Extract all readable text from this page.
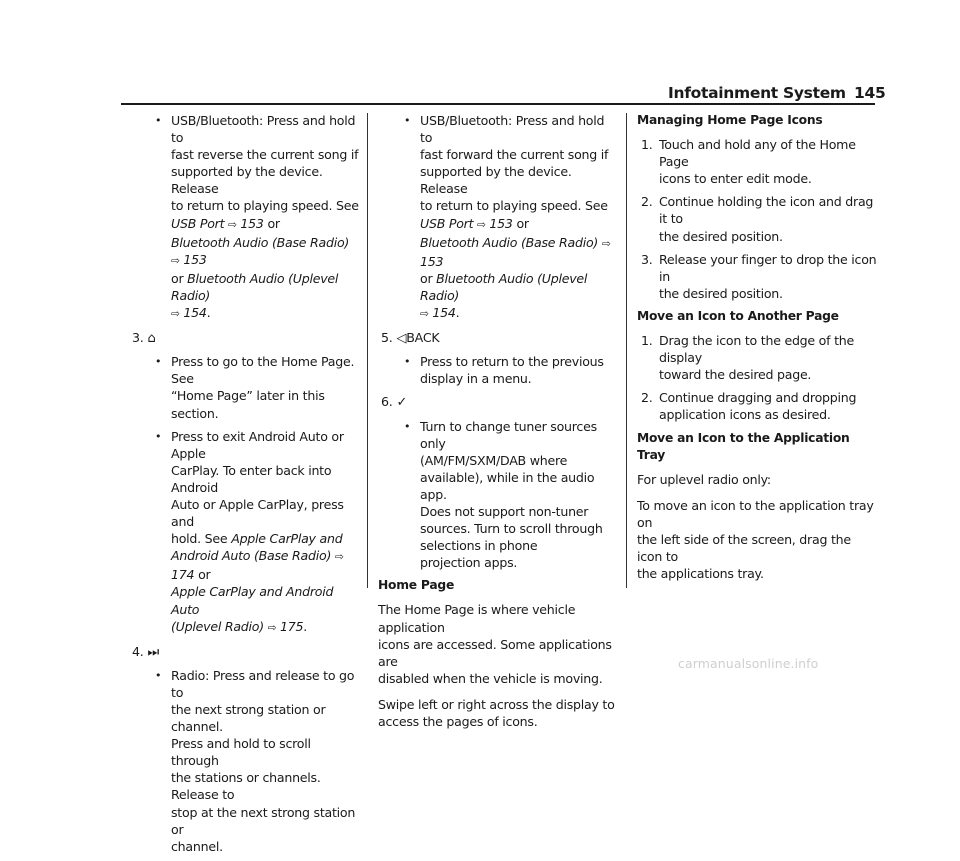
Infotainment System 145
• USB/Bluetooth: Press and hold to
fast reverse the current song if
supported by the device. Release
to return to playing speed. See
USB Port ⇨ 153 or
Bluetooth Audio (Base Radio) ⇨ 153
or Bluetooth Audio (Uplevel Radio)
⇨ 154.
3. ⌂
• Press to go to the Home Page. See
“Home Page” later in this section.
• Press to exit Android Auto or Apple
CarPlay. To enter back into Android
Auto or Apple CarPlay, press and
hold. See Apple CarPlay and
Android Auto (Base Radio) ⇨ 174 or
Apple CarPlay and Android Auto
(Uplevel Radio) ⇨ 175.
4. ⏭
• Radio: Press and release to go to
the next strong station or channel.
Press and hold to scroll through
the stations or channels. Release to
stop at the next strong station or
channel.
• USB/Bluetooth: Press and hold to
fast forward the current song if
supported by the device. Release
to return to playing speed. See
USB Port ⇨ 153 or
Bluetooth Audio (Base Radio) ⇨ 153
or Bluetooth Audio (Uplevel Radio)
⇨ 154.
5. ◁BACK
• Press to return to the previous
display in a menu.
6. ✓
• Turn to change tuner sources only
(AM/FM/SXM/DAB where
available), while in the audio app.
Does not support non-tuner
sources. Turn to scroll through
selections in phone
projection apps.
Home Page
The Home Page is where vehicle application
icons are accessed. Some applications are
disabled when the vehicle is moving.
Swipe left or right across the display to
access the pages of icons.
Managing Home Page Icons
1. Touch and hold any of the Home Page
icons to enter edit mode.
2. Continue holding the icon and drag it to
the desired position.
3. Release your finger to drop the icon in
the desired position.
Move an Icon to Another Page
1. Drag the icon to the edge of the display
toward the desired page.
2. Continue dragging and dropping
application icons as desired.
Move an Icon to the Application Tray
For uplevel radio only:
To move an icon to the application tray on
the left side of the screen, drag the icon to
the applications tray.
carmanualsonline.info
